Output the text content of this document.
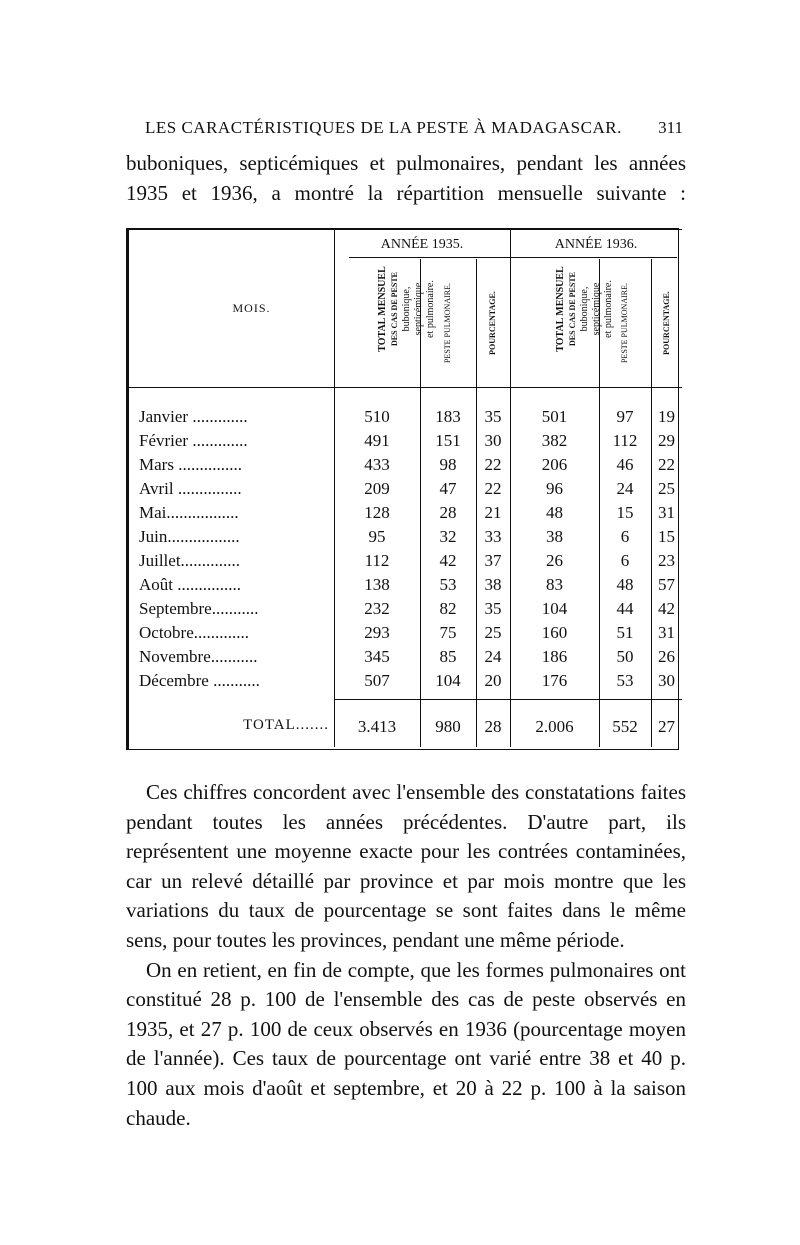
LES CARACTÉRISTIQUES DE LA PESTE À MADAGASCAR. 311
buboniques, septicémiques et pulmonaires, pendant les années
1935 et 1936, a montré la répartition mensuelle suivante :
ANNÉE 1935.	ANNÉE 1936.
MOIS.	TOTAL MENSUEL DES CAS DE PESTE bubonique, septicémique et pulmonaire. PESTE PULMONAIRE.	POURCENTAGE.	TOTAL MENSUEL DES CAS DE PESTE bubonique, septicémique et pulmonaire. PESTE PULMONAIRE.	POURCENTAGE.
Janvier .............	510	183	35	501	97	19
Février .............	491	151	30	382	112	29
Mars ...............	433	98	22	206	46	22
Avril ...............	209	47	22	96	24	25
Mai.................	128	28	21	48	15	31
Juin.................	95	32	33	38	6	15
Juillet..............	112	42	37	26	6	23
Août ...............	138	53	38	83	48	57
Septembre...........	232	82	35	104	44	42
Octobre.............	293	75	25	160	51	31
Novembre...........	345	85	24	186	50	26
Décembre ...........	507	104	20	176	53	30
TOTAL.......	3.413	980	28	2.006	552	27

Ces chiffres concordent avec l'ensemble des constatations faites pendant toutes les années précédentes. D'autre part, ils représentent une moyenne exacte pour les contrées contaminées, car un relevé détaillé par province et par mois montre que les variations du taux de pourcentage se sont faites dans le même sens, pour toutes les provinces, pendant une même période.

On en retient, en fin de compte, que les formes pulmonaires ont constitué 28 p. 100 de l'ensemble des cas de peste observés en 1935, et 27 p. 100 de ceux observés en 1936 (pourcentage moyen de l'année). Ces taux de pourcentage ont varié entre 38 et 40 p. 100 aux mois d'août et septembre, et 20 à 22 p. 100 à la saison chaude.
